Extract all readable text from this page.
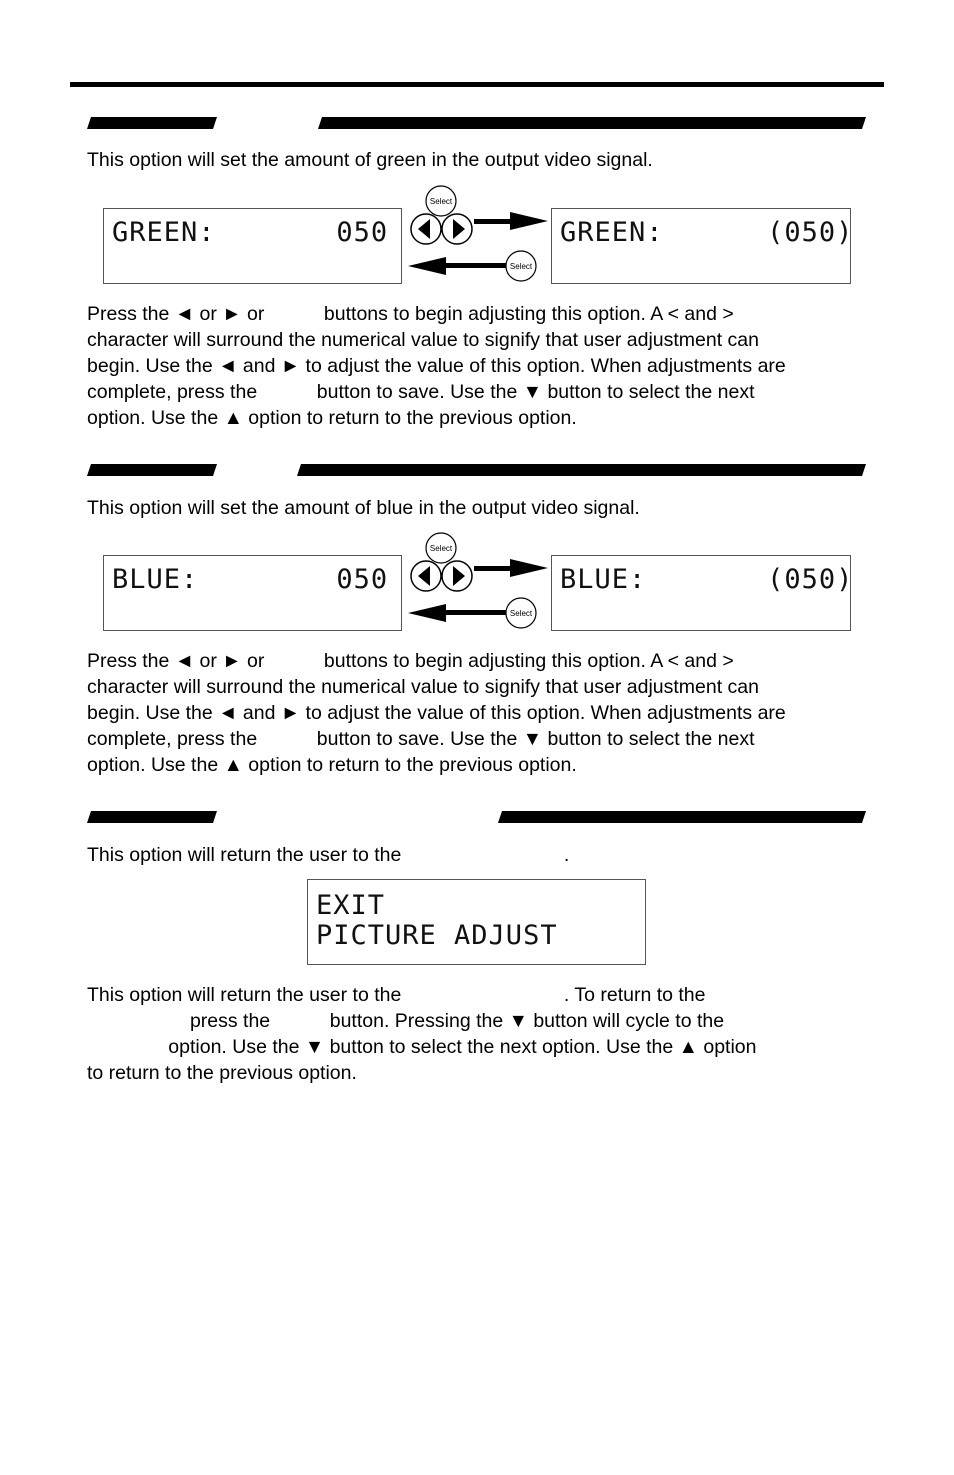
This option will set the amount of green in the output video signal.

GREEN:       050	GREEN:      (050)
Select
Select

Press the ◄ or ► or           buttons to begin adjusting this option. A < and >
character will surround the numerical value to signify that user adjustment can
begin. Use the ◄ and ► to adjust the value of this option. When adjustments are
complete, press the           button to save. Use the ▼ button to select the next
option. Use the ▲ option to return to the previous option.

This option will set the amount of blue in the output video signal.

BLUE:        050	BLUE:       (050)
Select
Select

Press the ◄ or ► or           buttons to begin adjusting this option. A < and >
character will surround the numerical value to signify that user adjustment can
begin. Use the ◄ and ► to adjust the value of this option. When adjustments are
complete, press the           button to save. Use the ▼ button to select the next
option. Use the ▲ option to return to the previous option.

This option will return the user to the                              .

EXIT
PICTURE ADJUST

This option will return the user to the                              . To return to the
press the           button. Pressing the ▼ button will cycle to the
option. Use the ▼ button to select the next option. Use the ▲ option
to return to the previous option.
